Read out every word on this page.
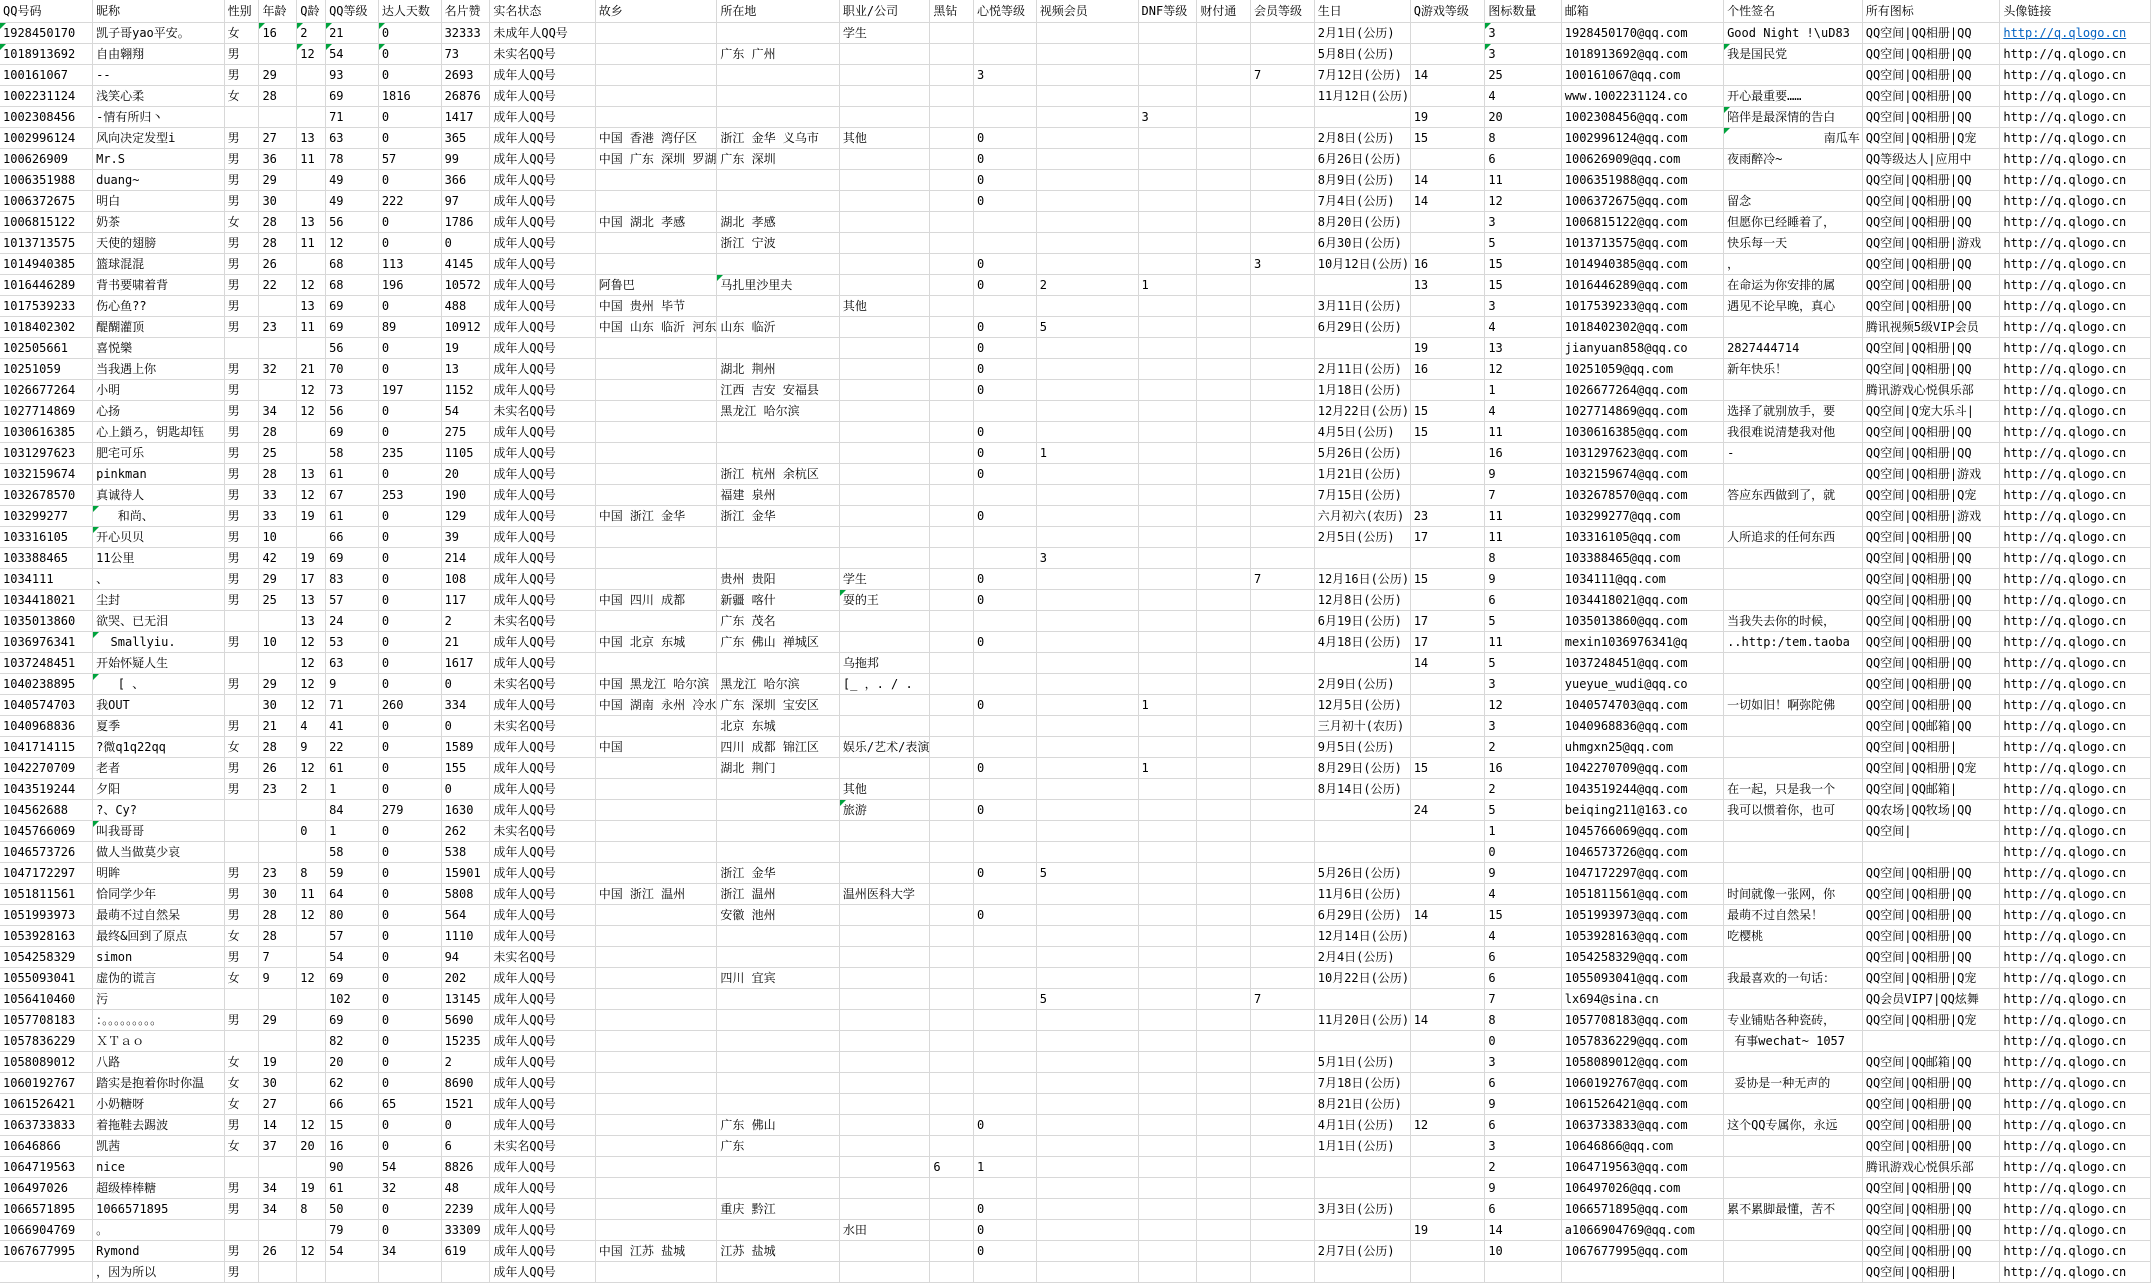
QQ号码	昵称	性别	年龄	Q龄	QQ等级	达人天数	名片赞	实名状态	故乡	所在地	职业/公司	黑钻	心悦等级	视频会员	DNF等级	财付通	会员等级	生日	Q游戏等级	图标数量	邮箱	个性签名	所有图标	头像链接
1928450170	凯子哥yao平安。	女	16	2	21	0	32333	未成年人QQ号			学生							2月1日(公历)		3	1928450170@qq.com	Good Night !\uD83	QQ空间|QQ相册|QQ	http://q.qlogo.cn
1018913692	自由翱翔	男		12	54	0	73	未实名QQ号		广东 广州								5月8日(公历)		3	1018913692@qq.com	我是国民党	QQ空间|QQ相册|QQ	http://q.qlogo.cn
100161067	--	男	29		93	0	2693	成年人QQ号					3				7	7月12日(公历)	14	25	100161067@qq.com		QQ空间|QQ相册|QQ	http://q.qlogo.cn
1002231124	浅笑心柔	女	28		69	1816	26876	成年人QQ号										11月12日(公历)		4	www.1002231124.co	开心最重要……	QQ空间|QQ相册|QQ	http://q.qlogo.cn
1002308456	-情有所归丶				71	0	1417	成年人QQ号							3				19	20	1002308456@qq.com	陪伴是最深情的告白	QQ空间|QQ相册|QQ	http://q.qlogo.cn
1002996124	风向决定发型i	男	27	13	63	0	365	成年人QQ号	中国 香港 湾仔区	浙江 金华 义乌市	其他		0					2月8日(公历)	15	8	1002996124@qq.com	南瓜车	QQ空间|QQ相册|Q宠	http://q.qlogo.cn
100626909	Mr.S	男	36	11	78	57	99	成年人QQ号	中国 广东 深圳 罗湖	广东 深圳			0					6月26日(公历)		6	100626909@qq.com	夜雨醉冷~	QQ等级达人|应用中	http://q.qlogo.cn
1006351988	duang~	男	29		49	0	366	成年人QQ号					0					8月9日(公历)	14	11	1006351988@qq.com		QQ空间|QQ相册|QQ	http://q.qlogo.cn
1006372675	明白	男	30		49	222	97	成年人QQ号					0					7月4日(公历)	14	12	1006372675@qq.com	留念	QQ空间|QQ相册|QQ	http://q.qlogo.cn
1006815122	奶茶	女	28	13	56	0	1786	成年人QQ号	中国 湖北 孝感	湖北 孝感								8月20日(公历)		3	1006815122@qq.com	但愿你已经睡着了，	QQ空间|QQ相册|QQ	http://q.qlogo.cn
1013713575	天使的翅膀	男	28	11	12	0	0	成年人QQ号		浙江 宁波								6月30日(公历)		5	1013713575@qq.com	快乐每一天	QQ空间|QQ相册|游戏	http://q.qlogo.cn
1014940385	篮球混混	男	26		68	113	4145	成年人QQ号					0				3	10月12日(公历)	16	15	1014940385@qq.com	，	QQ空间|QQ相册|QQ	http://q.qlogo.cn
1016446289	背书要啸着背	男	22	12	68	196	10572	成年人QQ号	阿鲁巴	马扎里沙里夫			0	2	1				13	15	1016446289@qq.com	在命运为你安排的属	QQ空间|QQ相册|QQ	http://q.qlogo.cn
1017539233	伤心鱼??	男		13	69	0	488	成年人QQ号	中国 贵州 毕节		其他							3月11日(公历)		3	1017539233@qq.com	遇见不论早晚，真心	QQ空间|QQ相册|QQ	http://q.qlogo.cn
1018402302	醍醐灌顶	男	23	11	69	89	10912	成年人QQ号	中国 山东 临沂 河东	山东 临沂			0	5				6月29日(公历)		4	1018402302@qq.com		腾讯视频5级VIP会员	http://q.qlogo.cn
102505661	喜悦樂				56	0	19	成年人QQ号					0						19	13	jianyuan858@qq.co	2827444714	QQ空间|QQ相册|QQ	http://q.qlogo.cn
10251059	当我遇上你	男	32	21	70	0	13	成年人QQ号		湖北 荆州			0					2月11日(公历)	16	12	10251059@qq.com	新年快乐！	QQ空间|QQ相册|QQ	http://q.qlogo.cn
1026677264	小明	男		12	73	197	1152	成年人QQ号		江西 吉安 安福县			0					1月18日(公历)		1	1026677264@qq.com		腾讯游戏心悦俱乐部	http://q.qlogo.cn
1027714869	心扬	男	34	12	56	0	54	未实名QQ号		黑龙江 哈尔滨								12月22日(公历)	15	4	1027714869@qq.com	选择了就别放手，要	QQ空间|Q宠大乐斗|	http://q.qlogo.cn
1030616385	心上鎖ろ，钥匙却钰	男	28		69	0	275	成年人QQ号					0					4月5日(公历)	15	11	1030616385@qq.com	我很难说清楚我对他	QQ空间|QQ相册|QQ	http://q.qlogo.cn
1031297623	肥宅可乐	男	25		58	235	1105	成年人QQ号					0	1				5月26日(公历)		16	1031297623@qq.com	-	QQ空间|QQ相册|QQ	http://q.qlogo.cn
1032159674	pinkman	男	28	13	61	0	20	成年人QQ号		浙江 杭州 余杭区			0					1月21日(公历)		9	1032159674@qq.com		QQ空间|QQ相册|游戏	http://q.qlogo.cn
1032678570	真诚待人	男	33	12	67	253	190	成年人QQ号		福建 泉州								7月15日(公历)		7	1032678570@qq.com	答应东西做到了，就	QQ空间|QQ相册|Q宠	http://q.qlogo.cn
103299277	和尚、	男	33	19	61	0	129	成年人QQ号	中国 浙江 金华	浙江 金华			0					六月初六(农历)	23	11	103299277@qq.com		QQ空间|QQ相册|游戏	http://q.qlogo.cn
103316105	开心贝贝	男	10		66	0	39	成年人QQ号										2月5日(公历)	17	11	103316105@qq.com	人所追求的任何东西	QQ空间|QQ相册|QQ	http://q.qlogo.cn
103388465	11公里	男	42	19	69	0	214	成年人QQ号						3						8	103388465@qq.com		QQ空间|QQ相册|QQ	http://q.qlogo.cn
1034111	、	男	29	17	83	0	108	成年人QQ号		贵州 贵阳	学生		0				7	12月16日(公历)	15	9	1034111@qq.com		QQ空间|QQ相册|QQ	http://q.qlogo.cn
1034418021	尘封	男	25	13	57	0	117	成年人QQ号	中国 四川 成都	新疆 喀什	耍的王		0					12月8日(公历)		6	1034418021@qq.com		QQ空间|QQ相册|QQ	http://q.qlogo.cn
1035013860	欲哭、已无泪			13	24	0	2	未实名QQ号		广东 茂名								6月19日(公历)	17	5	1035013860@qq.com	当我失去你的时候，	QQ空间|QQ相册|QQ	http://q.qlogo.cn
1036976341	Smallyiu.	男	10	12	53	0	21	成年人QQ号	中国 北京 东城	广东 佛山 禅城区			0					4月18日(公历)	17	11	mexin1036976341@q	..http:/tem.taoba	QQ空间|QQ相册|QQ	http://q.qlogo.cn
1037248451	开始怀疑人生			12	63	0	1617	成年人QQ号			乌拖邦								14	5	1037248451@qq.com		QQ空间|QQ相册|QQ	http://q.qlogo.cn
1040238895	[ 、	男	29	12	9	0	0	未实名QQ号	中国 黑龙江 哈尔滨	黑龙江 哈尔滨	[_ ，. / .							2月9日(公历)		3	yueyue_wudi@qq.co		QQ空间|QQ相册|QQ	http://q.qlogo.cn
1040574703	我OUT		30	12	71	260	334	成年人QQ号	中国 湖南 永州 冷水	广东 深圳 宝安区			0		1			12月5日(公历)		12	1040574703@qq.com	一切如旧！啊弥陀佛	QQ空间|QQ相册|QQ	http://q.qlogo.cn
1040968836	夏季	男	21	4	41	0	0	未实名QQ号		北京 东城								三月初十(农历)		3	1040968836@qq.com		QQ空间|QQ邮箱|QQ	http://q.qlogo.cn
1041714115	?微q1q22qq	女	28	9	22	0	1589	成年人QQ号	中国	四川 成都 锦江区	娱乐/艺术/表演							9月5日(公历)		2	uhmgxn25@qq.com		QQ空间|QQ相册|	http://q.qlogo.cn
1042270709	老者	男	26	12	61	0	155	成年人QQ号		湖北 荆门			0		1			8月29日(公历)	15	16	1042270709@qq.com		QQ空间|QQ相册|Q宠	http://q.qlogo.cn
1043519244	夕阳	男	23	2	1	0	0	成年人QQ号			其他							8月14日(公历)		2	1043519244@qq.com	在一起，只是我一个	QQ空间|QQ邮箱|	http://q.qlogo.cn
104562688	?、Cy?				84	279	1630	成年人QQ号			旅游		0						24	5	beiqing211@163.co	我可以惯着你，也可	QQ农场|QQ牧场|QQ	http://q.qlogo.cn
1045766069	叫我哥哥			0	1	0	262	未实名QQ号												1	1045766069@qq.com		QQ空间|	http://q.qlogo.cn
1046573726	做人当做莫少哀				58	0	538	成年人QQ号												0	1046573726@qq.com			http://q.qlogo.cn
1047172297	明眸	男	23	8	59	0	15901	成年人QQ号		浙江 金华			0	5				5月26日(公历)		9	1047172297@qq.com		QQ空间|QQ相册|QQ	http://q.qlogo.cn
1051811561	恰同学少年	男	30	11	64	0	5808	成年人QQ号	中国 浙江 温州	浙江 温州	温州医科大学							11月6日(公历)		4	1051811561@qq.com	时间就像一张网，你	QQ空间|QQ相册|QQ	http://q.qlogo.cn
1051993973	最萌不过自然呆	男	28	12	80	0	564	成年人QQ号		安徽 池州			0					6月29日(公历)	14	15	1051993973@qq.com	最萌不过自然呆！	QQ空间|QQ相册|QQ	http://q.qlogo.cn
1053928163	最终&回到了原点	女	28		57	0	1110	成年人QQ号										12月14日(公历)		4	1053928163@qq.com	吃樱桃	QQ空间|QQ相册|QQ	http://q.qlogo.cn
1054258329	simon	男	7		54	0	94	未实名QQ号										2月4日(公历)		6	1054258329@qq.com		QQ空间|QQ相册|QQ	http://q.qlogo.cn
1055093041	虚伪的谎言	女	9	12	69	0	202	成年人QQ号		四川 宜宾								10月22日(公历)		6	1055093041@qq.com	我最喜欢的一句话：	QQ空间|QQ相册|Q宠	http://q.qlogo.cn
1056410460	污				102	0	13145	成年人QQ号						5			7			7	lx694@sina.cn		QQ会员VIP7|QQ炫舞	http://q.qlogo.cn
1057708183	：。。。。。。。。。	男	29		69	0	5690	成年人QQ号										11月20日(公历)	14	8	1057708183@qq.com	专业铺贴各种瓷砖，	QQ空间|QQ相册|Q宠	http://q.qlogo.cn
1057836229	ＸＴａｏ				82	0	15235	成年人QQ号												0	1057836229@qq.com	有事wechat~ 1057		http://q.qlogo.cn
1058089012	八路	女	19		20	0	2	成年人QQ号										5月1日(公历)		3	1058089012@qq.com		QQ空间|QQ邮箱|QQ	http://q.qlogo.cn
1060192767	踏实是抱着你时你温	女	30		62	0	8690	成年人QQ号										7月18日(公历)		6	1060192767@qq.com	妥协是一种无声的	QQ空间|QQ相册|QQ	http://q.qlogo.cn
1061526421	小奶糖呀	女	27		66	65	1521	成年人QQ号										8月21日(公历)		9	1061526421@qq.com		QQ空间|QQ相册|QQ	http://q.qlogo.cn
1063733833	着拖鞋去踢波	男	14	12	15	0	0	成年人QQ号		广东 佛山			0					4月1日(公历)	12	6	1063733833@qq.com	这个QQ专属你，永远	QQ空间|QQ相册|QQ	http://q.qlogo.cn
10646866	凯茜	女	37	20	16	0	6	未实名QQ号		广东								1月1日(公历)		3	10646866@qq.com		QQ空间|QQ相册|QQ	http://q.qlogo.cn
1064719563	nice				90	54	8826	成年人QQ号				6	1							2	1064719563@qq.com		腾讯游戏心悦俱乐部	http://q.qlogo.cn
106497026	超级棒棒糖	男	34	19	61	32	48	成年人QQ号												9	106497026@qq.com		QQ空间|QQ相册|QQ	http://q.qlogo.cn
1066571895	1066571895	男	34	8	50	0	2239	成年人QQ号		重庆 黔江			0					3月3日(公历)		6	1066571895@qq.com	累不累脚最懂，苦不	QQ空间|QQ相册|QQ	http://q.qlogo.cn
1066904769	。				79	0	33309	成年人QQ号			水田		0						19	14	a1066904769@qq.com		QQ空间|QQ相册|QQ	http://q.qlogo.cn
1067677995	Rymond	男	26	12	54	34	619	成年人QQ号	中国 江苏 盐城	江苏 盐城			0					2月7日(公历)		10	1067677995@qq.com		QQ空间|QQ相册|QQ	http://q.qlogo.cn
	，因为所以	男						成年人QQ号															QQ空间|QQ相册|	http://q.qlogo.cn
